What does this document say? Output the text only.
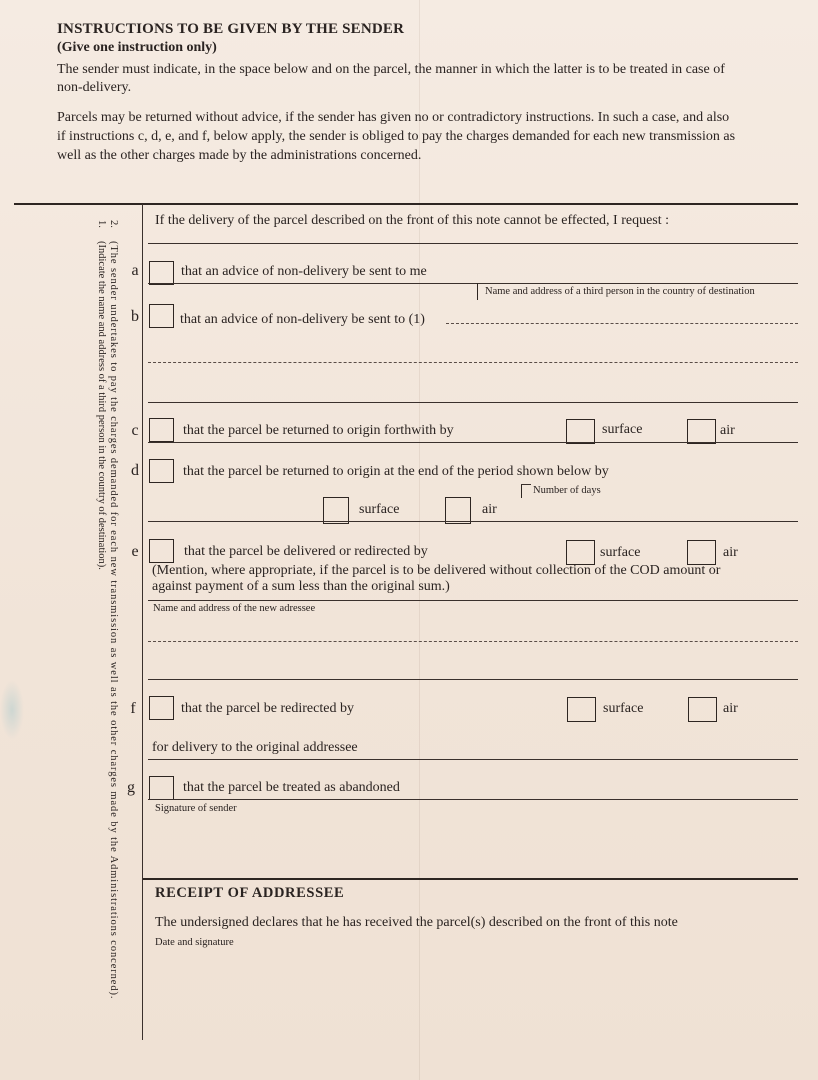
INSTRUCTIONS TO BE GIVEN BY THE SENDER
(Give one instruction only)
The sender must indicate, in the space below and on the parcel, the manner in which the latter is to be treated in case of
non-delivery.
Parcels may be returned without advice, if the sender has given no or contradictory instructions. In such a case, and also
if instructions c, d, e, and f, below apply, the sender is obliged to pay the charges demanded for each new transmission as
well as the other charges made by the administrations concerned.
1.     (Indicate the name and address of a third person in the country of destination).
2.     (The sender undertakes to pay the charges demanded for each new transmission as well as the other charges made by the Administrations concerned).
If the delivery of the parcel described on the front of this note cannot be effected, I request :
a	that an advice of non-delivery be sent to me
Name and address of a third person in the country of destination
b	that an advice of non-delivery be sent to (1)
c	that the parcel be returned to origin forthwith by	surface	air
d	that the parcel be returned to origin at the end of the period shown below by
Number of days
surface	air
e	that the parcel be delivered or redirected by	surface	air
(Mention, where appropriate, if the parcel is to be delivered without collection of the COD amount or
against payment of a sum less than the original sum.)
Name and address of the new adressee
f	that the parcel be redirected by	surface	air
for delivery to the original addressee
g	that the parcel be treated as abandoned
Signature of sender
RECEIPT OF ADDRESSEE
The undersigned declares that he has received the parcel(s) described on the front of this note
Date and signature
